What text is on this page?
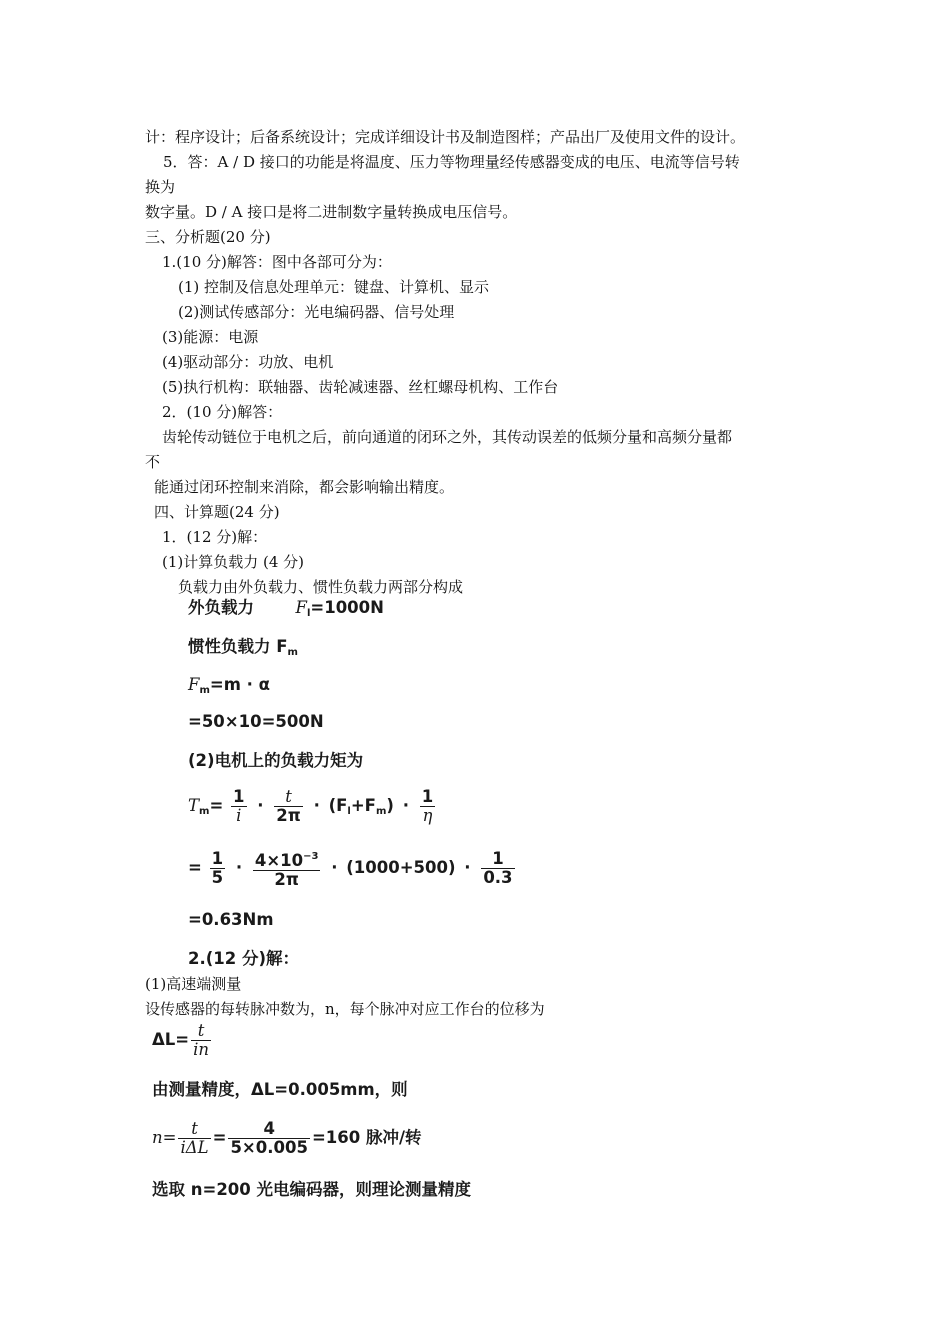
计：程序设计；后备系统设计；完成详细设计书及制造图样；产品出厂及使用文件的设计。
5．答：A / D 接口的功能是将温度、压力等物理量经传感器变成的电压、电流等信号转
换为
数字量。D / A 接口是将二进制数字量转换成电压信号。
三、分析题(20 分)
1.(10 分)解答：图中各部可分为：
(1) 控制及信息处理单元：键盘、计算机、显示
(2)测试传感部分：光电编码器、信号处理
(3)能源：电源
(4)驱动部分：功放、电机
(5)执行机构：联轴器、齿轮减速器、丝杠螺母机构、工作台
2．(10 分)解答：
齿轮传动链位于电机之后，前向通道的闭环之外，其传动误差的低频分量和高频分量都
不
能通过闭环控制来消除，都会影响输出精度。
四、计算题(24 分)
1．(12 分)解：
(1)计算负载力 (4 分)
负载力由外负载力、惯性负载力两部分构成
外负载力	$F_l=1000N$
惯性负载力 $F_m$
$F_m=m \cdot \alpha$
=50×10=500N
(2)电机上的负载力矩为
$T_m= \frac{1}{i} \cdot \frac{t}{2\pi} \cdot (F_l+F_m) \cdot \frac{1}{\eta}$
= $\frac{1}{5} \cdot \frac{4\times 10^{-3}}{2\pi} \cdot (1000+500) \cdot \frac{1}{0.3}$
=0.63Nm
2.(12 分)解：
(1)高速端测量
设传感器的每转脉冲数为，n，每个脉冲对应工作台的位移为
$\Delta L= \frac{t}{in}$
由测量精度，ΔL=0.005mm，则
$n= \frac{t}{\text{iΔL}} = \frac{4}{5\times 0.005} =160$ 脉冲/转
选取 n=200 光电编码器，则理论测量精度
